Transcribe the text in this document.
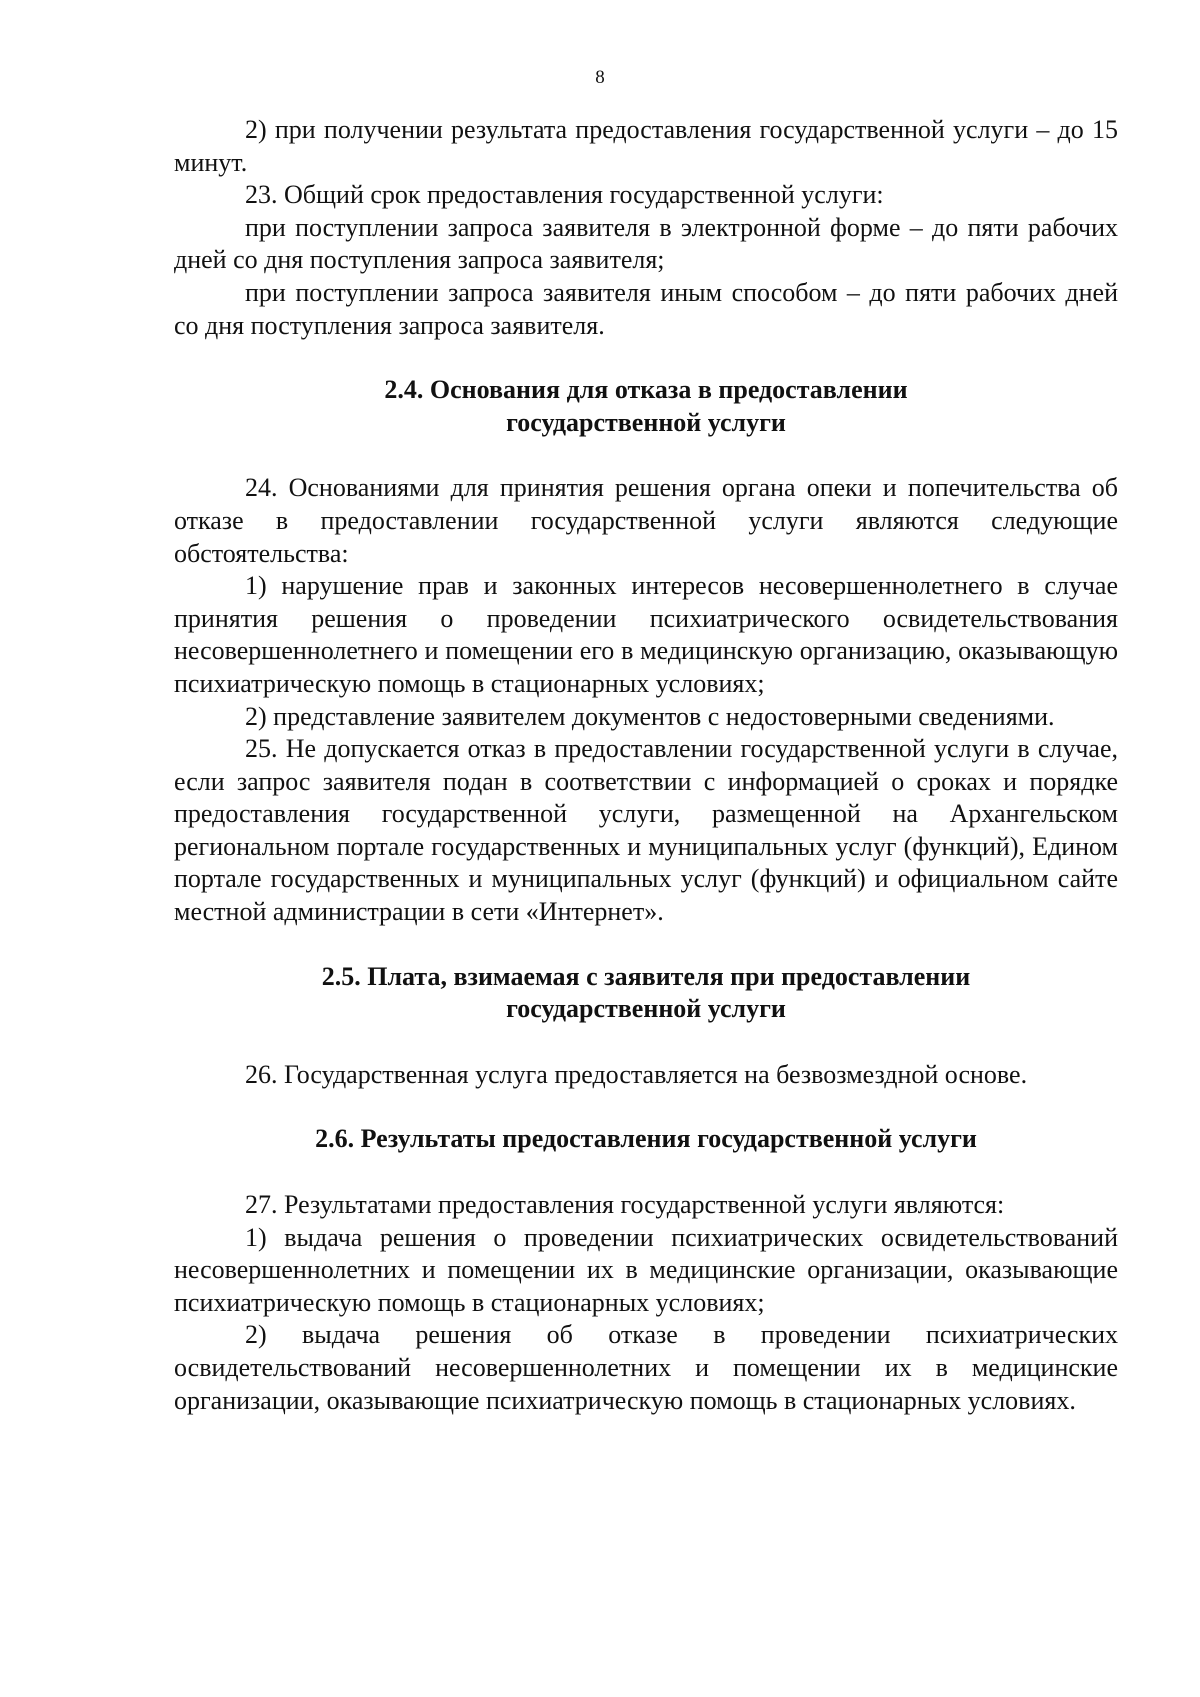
8

2) при получении результата предоставления государственной услуги – до 15 минут.

23. Общий срок предоставления государственной услуги:

при поступлении запроса заявителя в электронной форме – до пяти рабочих дней со дня поступления запроса заявителя;

при поступлении запроса заявителя иным способом – до пяти рабочих дней со дня поступления запроса заявителя.

2.4. Основания для отказа в предоставлении
государственной услуги

24. Основаниями для принятия решения органа опеки и попечительства об отказе в предоставлении государственной услуги являются следующие обстоятельства:

1) нарушение прав и законных интересов несовершеннолетнего в случае принятия решения о проведении психиатрического освидетельствования несовершеннолетнего и помещении его в медицинскую организацию, оказывающую психиатрическую помощь в стационарных условиях;

2) представление заявителем документов с недостоверными сведениями.

25. Не допускается отказ в предоставлении государственной услуги в случае, если запрос заявителя подан в соответствии с информацией о сроках и порядке предоставления государственной услуги, размещенной на Архангельском региональном портале государственных и муниципальных услуг (функций), Едином портале государственных и муниципальных услуг (функций) и официальном сайте местной администрации в сети «Интернет».

2.5. Плата, взимаемая с заявителя при предоставлении
государственной услуги

26. Государственная услуга предоставляется на безвозмездной основе.

2.6. Результаты предоставления государственной услуги

27. Результатами предоставления государственной услуги являются:

1) выдача решения о проведении психиатрических освидетельствований несовершеннолетних и помещении их в медицинские организации, оказывающие психиатрическую помощь в стационарных условиях;

2) выдача решения об отказе в проведении психиатрических освидетельствований несовершеннолетних и помещении их в медицинские организации, оказывающие психиатрическую помощь в стационарных условиях.
